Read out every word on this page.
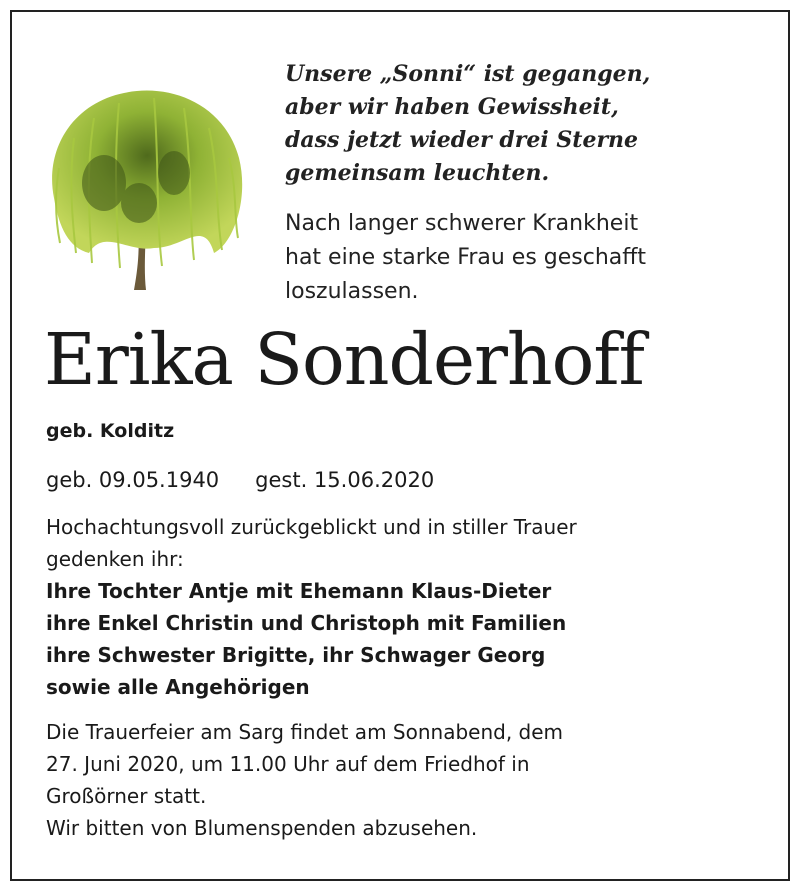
Unsere „Sonni“ ist gegangen,
aber wir haben Gewissheit,
dass jetzt wieder drei Sterne
gemeinsam leuchten.
Nach langer schwerer Krankheit
hat eine starke Frau es geschafft
loszulassen.
Erika Sonderhoff
geb. Kolditz
geb. 09.05.1940 gest. 15.06.2020
Hochachtungsvoll zurückgeblickt und in stiller Trauer
gedenken ihr:
Ihre Tochter Antje mit Ehemann Klaus-Dieter
ihre Enkel Christin und Christoph mit Familien
ihre Schwester Brigitte, ihr Schwager Georg
sowie alle Angehörigen
Die Trauerfeier am Sarg findet am Sonnabend, dem
27. Juni 2020, um 11.00 Uhr auf dem Friedhof in
Großörner statt.
Wir bitten von Blumenspenden abzusehen.
